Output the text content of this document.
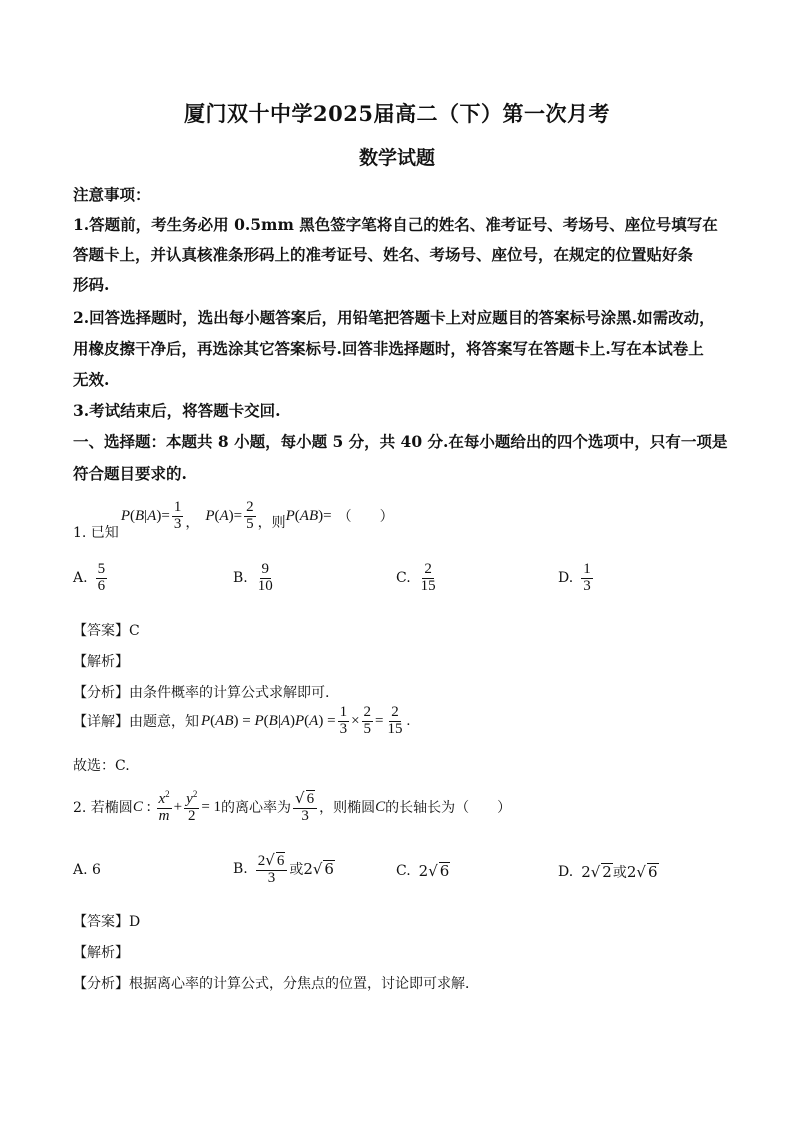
厦门双十中学2025届高二（下）第一次月考
数学试题
注意事项：
1.答题前，考生务必用 0.5mm 黑色签字笔将自己的姓名、准考证号、考场号、座位号填写在
答题卡上，并认真核准条形码上的准考证号、姓名、考场号、座位号，在规定的位置贴好条
形码.
2.回答选择题时，选出每小题答案后，用铅笔把答题卡上对应题目的答案标号涂黑.如需改动，
用橡皮擦干净后，再选涂其它答案标号.回答非选择题时，将答案写在答题卡上.写在本试卷上
无效.
3.考试结束后，将答题卡交回.
一、选择题：本题共 8 小题，每小题 5 分，共 40 分.在每小题给出的四个选项中，只有一项是
符合题目要求的.
1. 已知
P ( B | A ) = $\frac{1}{3}$ ， P ( A ) = $\frac{2}{5}$ ，则 P ( AB ) = （　　）
A. $\frac{5}{6}$	B. $\frac{9}{10}$	C. $\frac{2}{15}$	D. $\frac{1}{3}$
【答案】C
【解析】
【分析】由条件概率的计算公式求解即可.
【详解】 由题意，知 P ( AB ) = P ( B | A ) P ( A ) = $\frac{1}{3} \times \frac{2}{5} = \frac{2}{15}$ .
故选：C.
2. 若椭圆 C : $\frac{x^2}{m} + \frac{y^2}{2} = 1$ 的离心率为 $\frac{√ 6}{3}$ ，则椭圆 C 的长轴长为（　　）
A. 6	B. $\frac{2√ 6}{3}$ 或 2√ 6	C. 2√ 6	D. 2√ 2 或 2√ 6
【答案】D
【解析】
【分析】根据离心率的计算公式，分焦点的位置，讨论即可求解．
